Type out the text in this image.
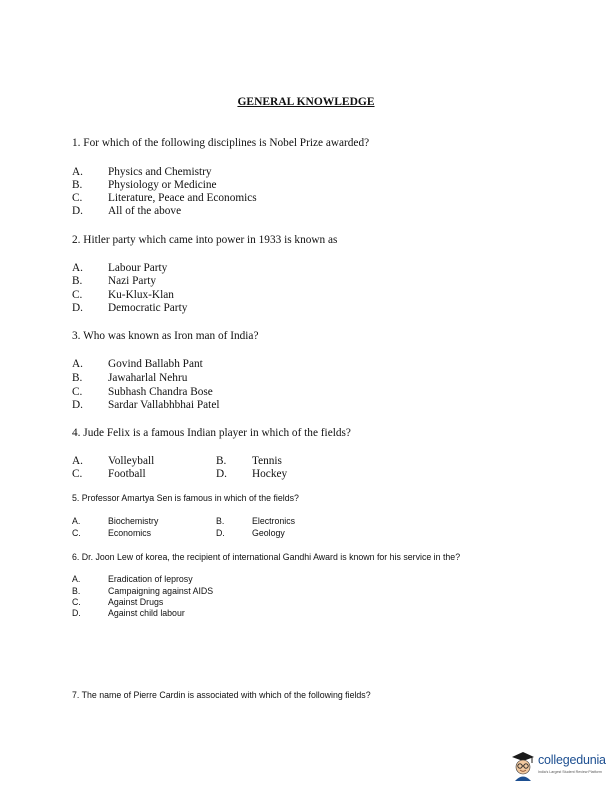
GENERAL KNOWLEDGE
1. For which of the following disciplines is Nobel Prize awarded?
A.	Physics and Chemistry
B.	Physiology or Medicine
C.	Literature, Peace and Economics
D.	All of the above
2. Hitler party which came into power in 1933 is known as
A.	Labour Party
B.	Nazi Party
C.	Ku-Klux-Klan
D.	Democratic Party
3. Who was known as Iron man of India?
A.	Govind Ballabh Pant
B.	Jawaharlal Nehru
C.	Subhash Chandra Bose
D.	Sardar Vallabhbhai Patel
4. Jude Felix is a famous Indian player in which of the fields?
A.	Volleyball	B.	Tennis
C.	Football	D.	Hockey
5. Professor Amartya Sen is famous in which of the fields?
A.	Biochemistry	B.	Electronics
C.	Economics	D.	Geology
6. Dr. Joon Lew of korea, the recipient of international Gandhi Award is known for his service in the?
A.	Eradication of leprosy
B.	Campaigning against AIDS
C.	Against Drugs
D.	Against child labour
7. The name of Pierre Cardin is associated with which of the following fields?
collegedunia
India's Largest Student Review Platform
